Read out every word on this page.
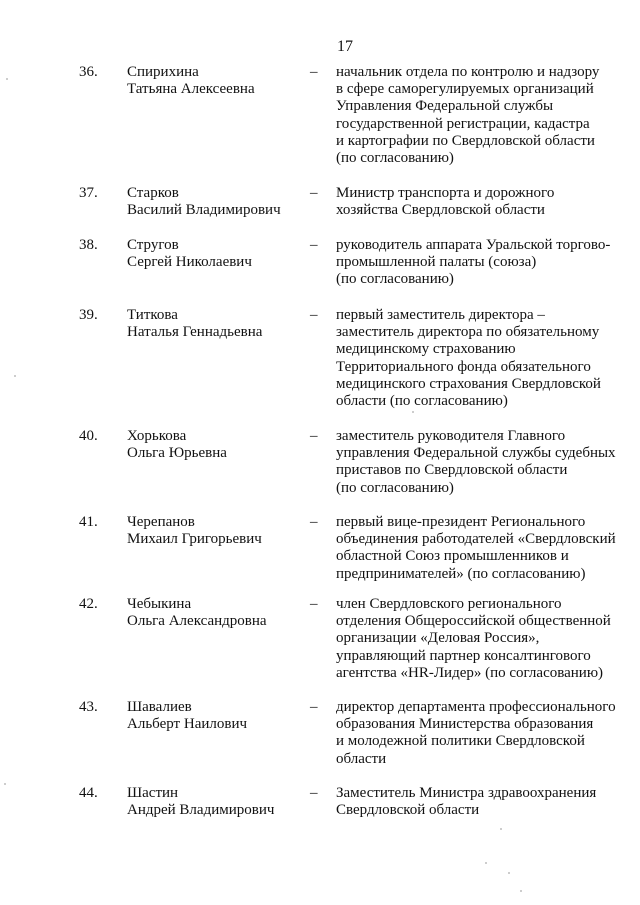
17
36. Спирихина
Татьяна Алексеевна
– начальник отдела по контролю и надзору
в сфере саморегулируемых организаций
Управления Федеральной службы
государственной регистрации, кадастра
и картографии по Свердловской области
(по согласованию)
37. Старков
Василий Владимирович
– Министр транспорта и дорожного
хозяйства Свердловской области
38. Стругов
Сергей Николаевич
– руководитель аппарата Уральской торгово-
промышленной палаты (союза)
(по согласованию)
39. Титкова
Наталья Геннадьевна
– первый заместитель директора –
заместитель директора по обязательному
медицинскому страхованию
Территориального фонда обязательного
медицинского страхования Свердловской
области (по согласованию)
40. Хорькова
Ольга Юрьевна
– заместитель руководителя Главного
управления Федеральной службы судебных
приставов по Свердловской области
(по согласованию)
41. Черепанов
Михаил Григорьевич
– первый вице-президент Регионального
объединения работодателей «Свердловский
областной Союз промышленников и
предпринимателей» (по согласованию)
42. Чебыкина
Ольга Александровна
– член Свердловского регионального
отделения Общероссийской общественной
организации «Деловая Россия»,
управляющий партнер консалтингового
агентства «HR-Лидер» (по согласованию)
43. Шавалиев
Альберт Наилович
– директор департамента профессионального
образования Министерства образования
и молодежной политики Свердловской
области
44. Шастин
Андрей Владимирович
– Заместитель Министра здравоохранения
Свердловской области
